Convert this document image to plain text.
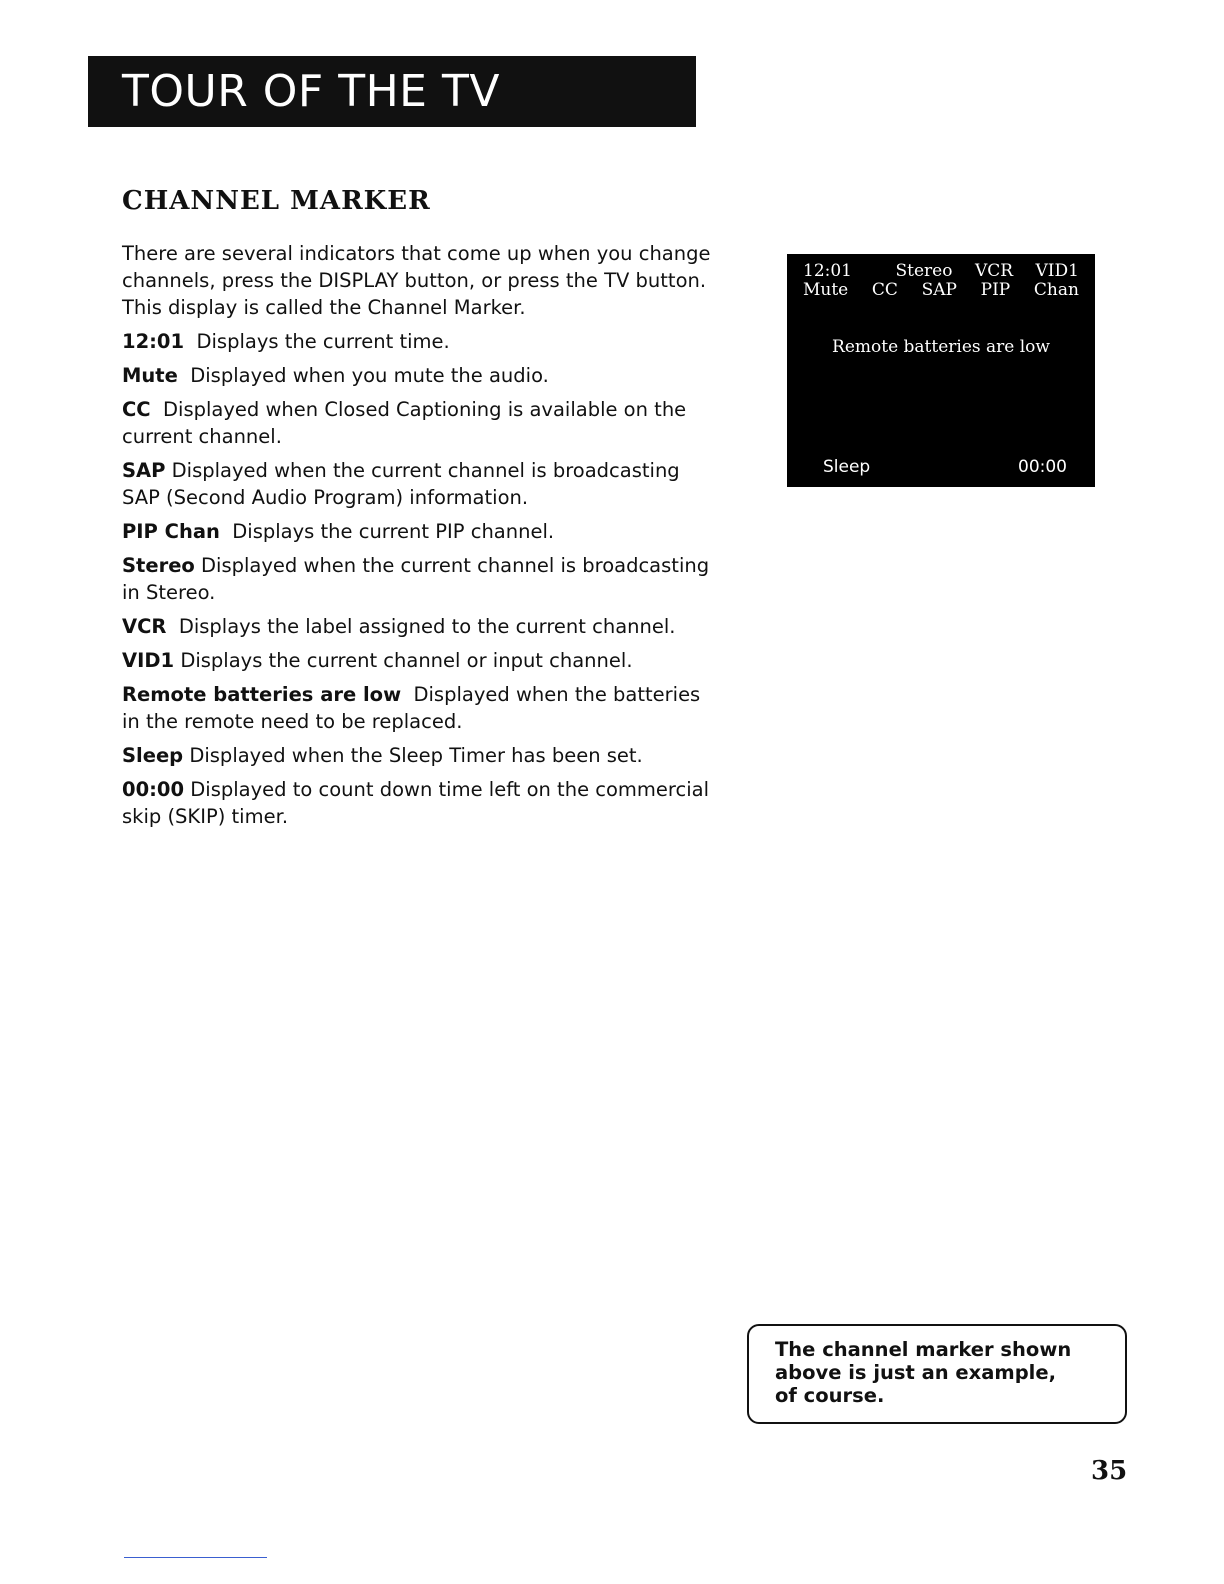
TOUR OF THE TV
CHANNEL MARKER

There are several indicators that come up when you change channels, press the DISPLAY button, or press the TV button. This display is called the Channel Marker.

12:01 Displays the current time.

Mute Displayed when you mute the audio.

CC Displayed when Closed Captioning is available on the current channel.

SAP Displayed when the current channel is broadcasting SAP (Second Audio Program) information.

PIP Chan Displays the current PIP channel.

Stereo Displayed when the current channel is broadcasting in Stereo.

VCR Displays the label assigned to the current channel.

VID1 Displays the current channel or input channel.

Remote batteries are low Displayed when the batteries in the remote need to be replaced.

Sleep Displayed when the Sleep Timer has been set.

00:00 Displayed to count down time left on the commercial skip (SKIP) timer.

12:01	Stereo VCR VID1
Mute CC SAP PIP Chan
Remote batteries are low
Sleep	00:00
The channel marker shown above is just an example, of course.
35
